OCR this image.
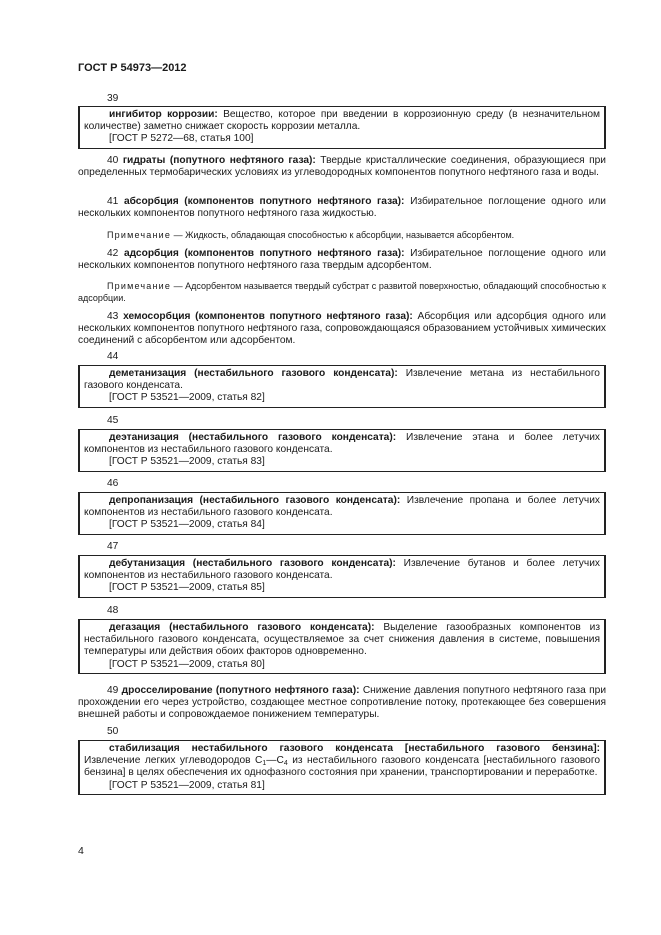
ГОСТ Р 54973—2012
39

ингибитор коррозии: Вещество, которое при введении в коррозионную среду (в незначительном количестве) заметно снижает скорость коррозии металла.

[ГОСТ Р 5272—68, статья 100]

40 гидраты (попутного нефтяного газа): Твердые кристаллические соединения, образующиеся при определенных термобарических условиях из углеводородных компонентов попутного нефтяного газа и воды.

41 абсорбция (компонентов попутного нефтяного газа): Избирательное поглощение одного или нескольких компонентов попутного нефтяного газа жидкостью.

Примечание — Жидкость, обладающая способностью к абсорбции, называется абсорбентом.

42 адсорбция (компонентов попутного нефтяного газа): Избирательное поглощение одного или нескольких компонентов попутного нефтяного газа твердым адсорбентом.

Примечание — Адсорбентом называется твердый субстрат с развитой поверхностью, обладающий способностью к адсорбции.

43 хемосорбция (компонентов попутного нефтяного газа): Абсорбция или адсорбция одного или нескольких компонентов попутного нефтяного газа, сопровождающаяся образованием устойчивых химических соединений с абсорбентом или адсорбентом.

44

деметанизация (нестабильного газового конденсата): Извлечение метана из нестабильного газового конденсата.

[ГОСТ Р 53521—2009, статья 82]

45

деэтанизация (нестабильного газового конденсата): Извлечение этана и более летучих компонентов из нестабильного газового конденсата.

[ГОСТ Р 53521—2009, статья 83]

46

депропанизация (нестабильного газового конденсата): Извлечение пропана и более летучих компонентов из нестабильного газового конденсата.

[ГОСТ Р 53521—2009, статья 84]

47

дебутанизация (нестабильного газового конденсата): Извлечение бутанов и более летучих компонентов из нестабильного газового конденсата.

[ГОСТ Р 53521—2009, статья 85]

48

дегазация (нестабильного газового конденсата): Выделение газообразных компонентов из нестабильного газового конденсата, осуществляемое за счет снижения давления в системе, повышения температуры или действия обоих факторов одновременно.

[ГОСТ Р 53521—2009, статья 80]

49 дросселирование (попутного нефтяного газа): Снижение давления попутного нефтяного газа при прохождении его через устройство, создающее местное сопротивление потоку, протекающее без совершения внешней работы и сопровождаемое понижением температуры.

50

стабилизация нестабильного газового конденсата [нестабильного газового бензина]: Извлечение легких углеводородов $С_1—С_4$ из нестабильного газового конденсата [нестабильного газового бензина] в целях обеспечения их однофазного состояния при хранении, транспортировании и переработке.

[ГОСТ Р 53521—2009, статья 81]

4
